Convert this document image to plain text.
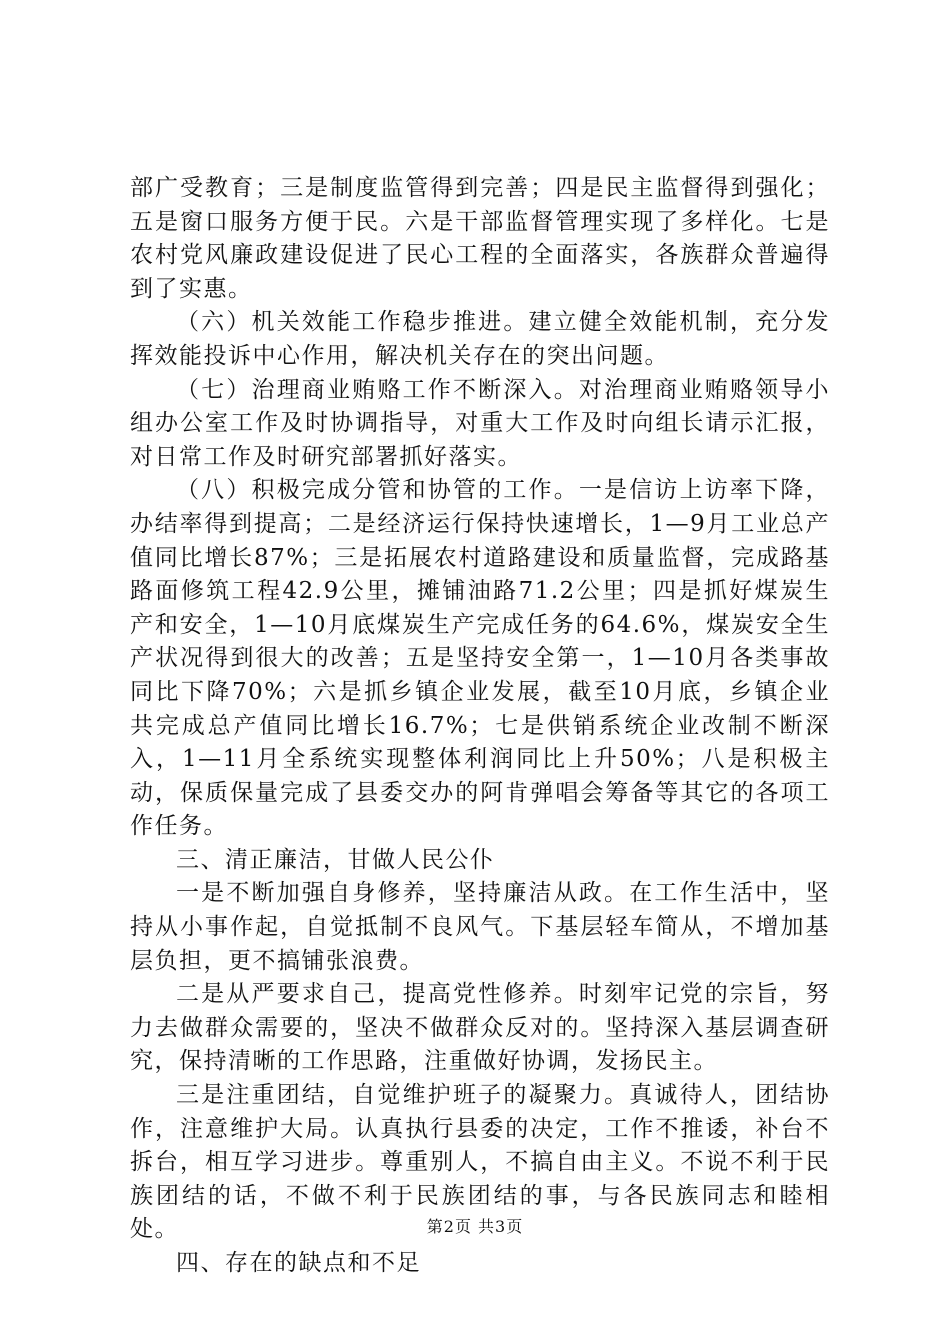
部广受教育；三是制度监管得到完善；四是民主监督得到强化；五是窗口服务方便于民。六是干部监督管理实现了多样化。七是农村党风廉政建设促进了民心工程的全面落实，各族群众普遍得到了实惠。

（六）机关效能工作稳步推进。建立健全效能机制，充分发挥效能投诉中心作用，解决机关存在的突出问题。

（七）治理商业贿赂工作不断深入。对治理商业贿赂领导小组办公室工作及时协调指导，对重大工作及时向组长请示汇报，对日常工作及时研究部署抓好落实。

（八）积极完成分管和协管的工作。一是信访上访率下降，办结率得到提高；二是经济运行保持快速增长，1—9月工业总产值同比增长87%；三是拓展农村道路建设和质量监督，完成路基路面修筑工程42.9公里，摊铺油路71.2公里；四是抓好煤炭生产和安全，1—10月底煤炭生产完成任务的64.6%，煤炭安全生产状况得到很大的改善；五是坚持安全第一，1—10月各类事故同比下降70%；六是抓乡镇企业发展，截至10月底，乡镇企业共完成总产值同比增长16.7%；七是供销系统企业改制不断深入，1—11月全系统实现整体利润同比上升50%；八是积极主动，保质保量完成了县委交办的阿肯弹唱会筹备等其它的各项工作任务。

三、清正廉洁，甘做人民公仆

一是不断加强自身修养，坚持廉洁从政。在工作生活中，坚持从小事作起，自觉抵制不良风气。下基层轻车简从，不增加基层负担，更不搞铺张浪费。

二是从严要求自己，提高党性修养。时刻牢记党的宗旨，努力去做群众需要的，坚决不做群众反对的。坚持深入基层调查研究，保持清晰的工作思路，注重做好协调，发扬民主。

三是注重团结，自觉维护班子的凝聚力。真诚待人，团结协作，注意维护大局。认真执行县委的决定，工作不推诿，补台不拆台，相互学习进步。尊重别人，不搞自由主义。不说不利于民族团结的话，不做不利于民族团结的事，与各民族同志和睦相处。

四、存在的缺点和不足

第2页 共3页
